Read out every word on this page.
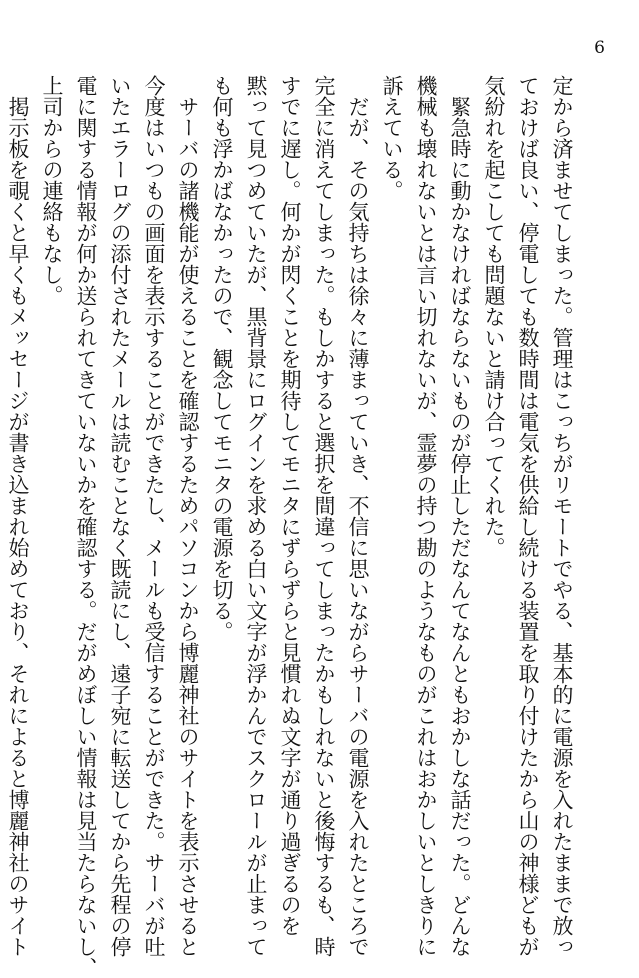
6

定から済ませてしまった。管理はこっちがリモートでやる、基本的に電源を入れたままで放っ

ておけば良い、停電しても数時間は電気を供給し続ける装置を取り付けたから山の神様どもが

気紛れを起こしても問題ないと請け合ってくれた。

　緊急時に動かなければならないものが停止しただなんてなんともおかしな話だった。どんな

機械も壊れないとは言い切れないが、霊夢の持つ勘のようなものがこれはおかしいとしきりに

訴えている。

　だが、その気持ちは徐々に薄まっていき、不信に思いながらサーバの電源を入れたところで

完全に消えてしまった。もしかすると選択を間違ってしまったかもしれないと後悔するも、時

すでに遅し。何かが閃くことを期待してモニタにずらずらと見慣れぬ文字が通り過ぎるのを

黙って見つめていたが、黒背景にログインを求める白い文字が浮かんでスクロールが止まって

も何も浮かばなかったので、観念してモニタの電源を切る。

　サーバの諸機能が使えることを確認するためパソコンから博麗神社のサイトを表示させると

今度はいつもの画面を表示することができたし、メールも受信することができた。サーバが吐

いたエラーログの添付されたメールは読むことなく既読にし、遠子宛に転送してから先程の停

電に関する情報が何か送られてきていないかを確認する。だがめぼしい情報は見当たらないし、

上司からの連絡もなし。

　掲示板を覗くと早くもメッセージが書き込まれ始めており、それによると博麗神社のサイト
